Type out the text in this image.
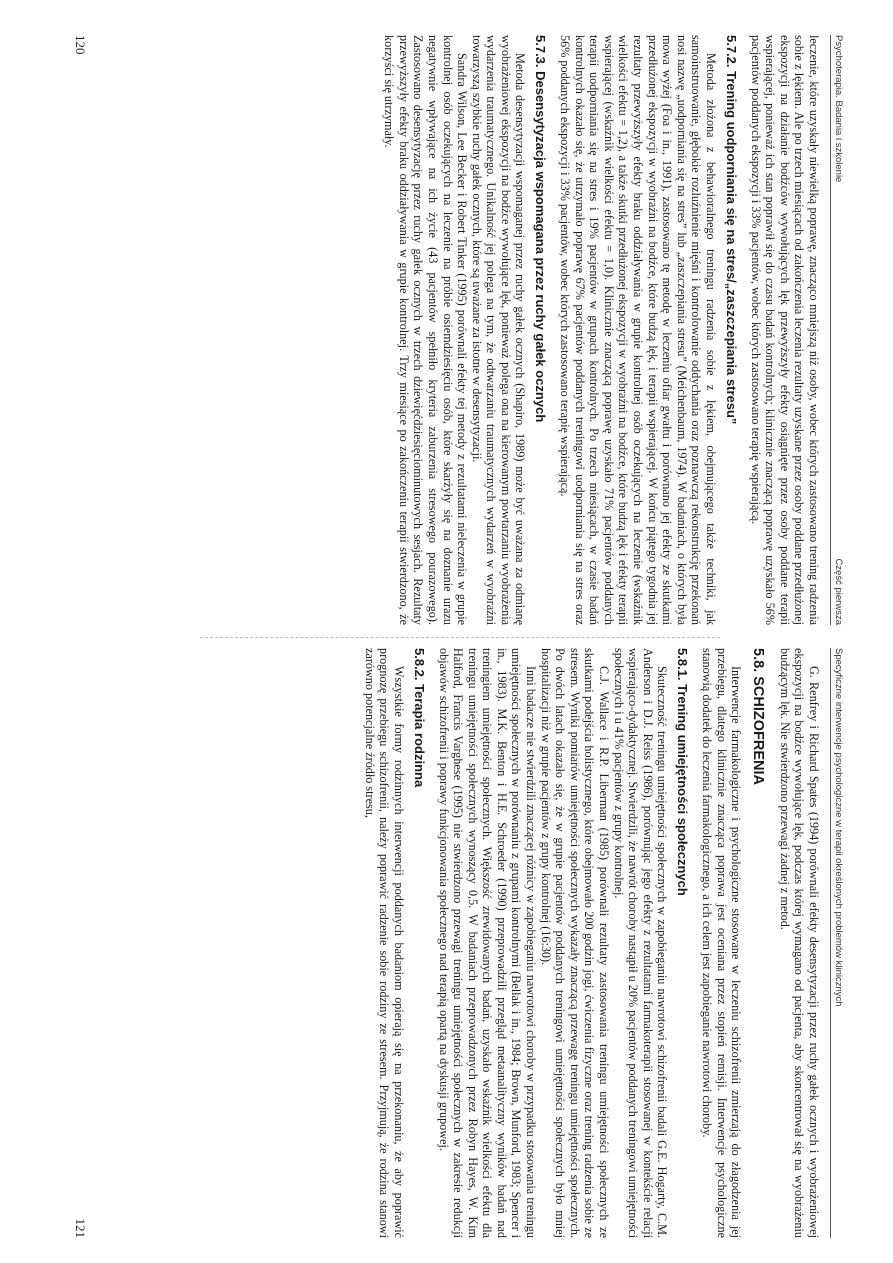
Psychoterapia. Badania i szkolenie
Część pierwsza

leczenie, które uzyskały niewielką poprawę, znacząco mniejszą niż osoby, wobec których zastosowano trening radzenia sobie z lękiem. Ale po trzech miesiącach od zakończenia leczenia rezultaty uzyskane przez osoby poddane przedłużonej ekspozycji na działanie bodźców wywołujących lęk przewyższyły efekty osiągnięte przez osoby poddane terapii wspierającej, ponieważ ich stan poprawił się do czasu badań kontrolnych; klinicznie znaczącą poprawę uzyskało 56% pacjentów poddanych ekspozycji i 33% pacjentów, wobec których zastosowano terapię wspierającą.

5.7.2. Trening uodporniania się na stres/„zaszczepiania stresu”

Metoda złożona z behawioralnego treningu radzenia sobie z lękiem, obejmującego także techniki, jak samoinstruowanie, głębokie rozluźnienie mięśni i kontrolowanie oddychania oraz poznawczą rekonstrukcję przekonań nosi nazwę „uodporniania się na stres” lub „zaszczepiania stresu” (Meichenbaum, 1974). W badaniach, o których była mowa wyżej (Foa i in., 1991), zastosowano tę metodę w leczeniu ofiar gwałtu i porównano jej efekty ze skutkami przedłużonej ekspozycji w wyobraźni na bodźce, które budzą lęk, i terapii wspierającej. W końcu piątego tygodnia jej rezultaty przewyższyły efekty braku oddziaływania w grupie kontrolnej osób oczekujących na leczenie (wskaźnik wielkości efektu = 1,2), a także skutki przedłużonej ekspozycji w wyobraźni na bodźce, które budzą lęk i efekty terapii wspierającej (wskaźnik wielkości efektu = 1,0). Klinicznie znaczącą poprawę uzyskało 71% pacjentów poddanych terapii uodporniania się na stres i 19% pacjentów w grupach kontrolnych. Po trzech miesiącach, w czasie badań kontrolnych okazało się, że utrzymało poprawę 67% pacjentów poddanych treningowi uodporniania się na stres oraz 56% poddanych ekspozycji i 33% pacjentów, wobec których zastosowano terapię wspierającą.

5.7.3. Desensytyzacja wspomagana przez ruchy gałek ocznych

Metoda desensytyzacji wspomaganej przez ruchy gałek ocznych (Shapiro, 1989) może być uważana za odmianę wyobrażeniowej ekspozycji na bodźce wywołujące lęk, ponieważ polega ona na kierowanym powtarzaniu wyobrażenia wydarzenia traumatycznego. Unikalność jej polega na tym, że odtwarzaniu traumatycznych wydarzeń w wyobraźni towarzyszą szybkie ruchy gałek ocznych, które są uważane za istotne w desensytyzacji.

Sandra Wilson, Lee Becker i Robert Tinker (1995) porównali efekty tej metody z rezultatami nieleczenia w grupie kontrolnej osób oczekujących na leczenie na próbie osiemdziesięciu osób, które skarżyły się na doznanie urazu negatywnie wpływające na ich życie (43 pacjentów spełniło kryteria zaburzenia stresowego pourazowego). Zastosowano desensytyzację przez ruchy gałek ocznych w trzech dziewięćdziesięciominutowych sesjach. Rezultaty przewyższyły efekty braku oddziaływania w grupie kontrolnej. Trzy miesiące po zakończeniu terapii stwierdzono, że korzyści się utrzymały.

120
Specyficzne interwencje psychologiczne w terapii określonych problemów klinicznych

G. Renfrey i Richard Spates (1994) porównali efekty desensytyzacji przez ruchy gałek ocznych i wyobrażeniowej ekspozycji na bodźce wywołujące lęk, podczas której wymagano od pacjenta, aby skoncentrował się na wyobrażeniu budzącym lęk. Nie stwierdzono przewagi żadnej z metod.

5.8. SCHIZOFRENIA

Interwencje farmakologiczne i psychologiczne stosowane w leczeniu schizofrenii zmierzają do złagodzenia jej przebiegu, dlatego klinicznie znacząca poprawa jest oceniana przez stopień remisji. Interwencje psychologiczne stanowią dodatek do leczenia farmakologicznego, a ich celem jest zapobieganie nawrotowi choroby.

5.8.1. Trening umiejętności społecznych

Skuteczność treningu umiejętności społecznych w zapobieganiu nawrotowi schizofrenii badali G.E. Hogarty, C.M. Anderson i D.J. Reiss (1986), porównując jego efekty z rezultatami farmakoterapii stosowanej w kontekście relacji wspierająco-dydaktycznej. Stwierdzili, że nawrót choroby nastąpił u 20% pacjentów poddanych treningowi umiejętności społecznych i u 41% pacjentów z grupy kontrolnej.

C.J. Wallace i R.P. Liberman (1985) porównali rezultaty zastosowania treningu umiejętności społecznych ze skutkami podejścia holistycznego, które obejmowało 200 godzin jogi, ćwiczenia fizyczne oraz trening radzenia sobie ze stresem. Wyniki pomiarów umiejętności społecznych wykazały znaczącą przewagę treningu umiejętności społecznych. Po dwóch latach okazało się, że w grupie pacjentów poddanych treningowi umiejętności społecznych było mniej hospitalizacji niż w grupie pacjentów z grupy kontrolnej (16:30).

Inni badacze nie stwierdzili znaczącej różnicy w zapobieganiu nawrotowi choroby w przypadku stosowania treningu umiejętności społecznych w porównaniu z grupami kontrolnymi (Bellak i in., 1984; Brown, Munford, 1983; Spencer i in., 1983). M.K. Benton i H.E. Schroeder (1990) przeprowadzili przegląd metaanalityczny wyników badań nad treningiem umiejętności społecznych. Większość zrewidowanych badań, uzyskało wskaźnik wielkości efektu dla treningu umiejętności społecznych wynoszący 0,5. W badaniach przeprowadzonych przez Robyn Hayes, W. Kim Halford, Francis Varghese (1995) nie stwierdzono przewagi treningu umiejętności społecznych w zakresie redukcji objawów schizofrenii i poprawy funkcjonowania społecznego nad terapią opartą na dyskusji grupowej.

5.8.2. Terapia rodzinna

Wszystkie formy rodzinnych interwencji poddanych badaniom opierają się na przekonaniu, że aby poprawić prognozę przebiegu schizofrenii, należy poprawić radzenie sobie rodziny ze stresem. Przyjmują, że rodzina stanowi zarówno potencjalne źródło stresu,

121
